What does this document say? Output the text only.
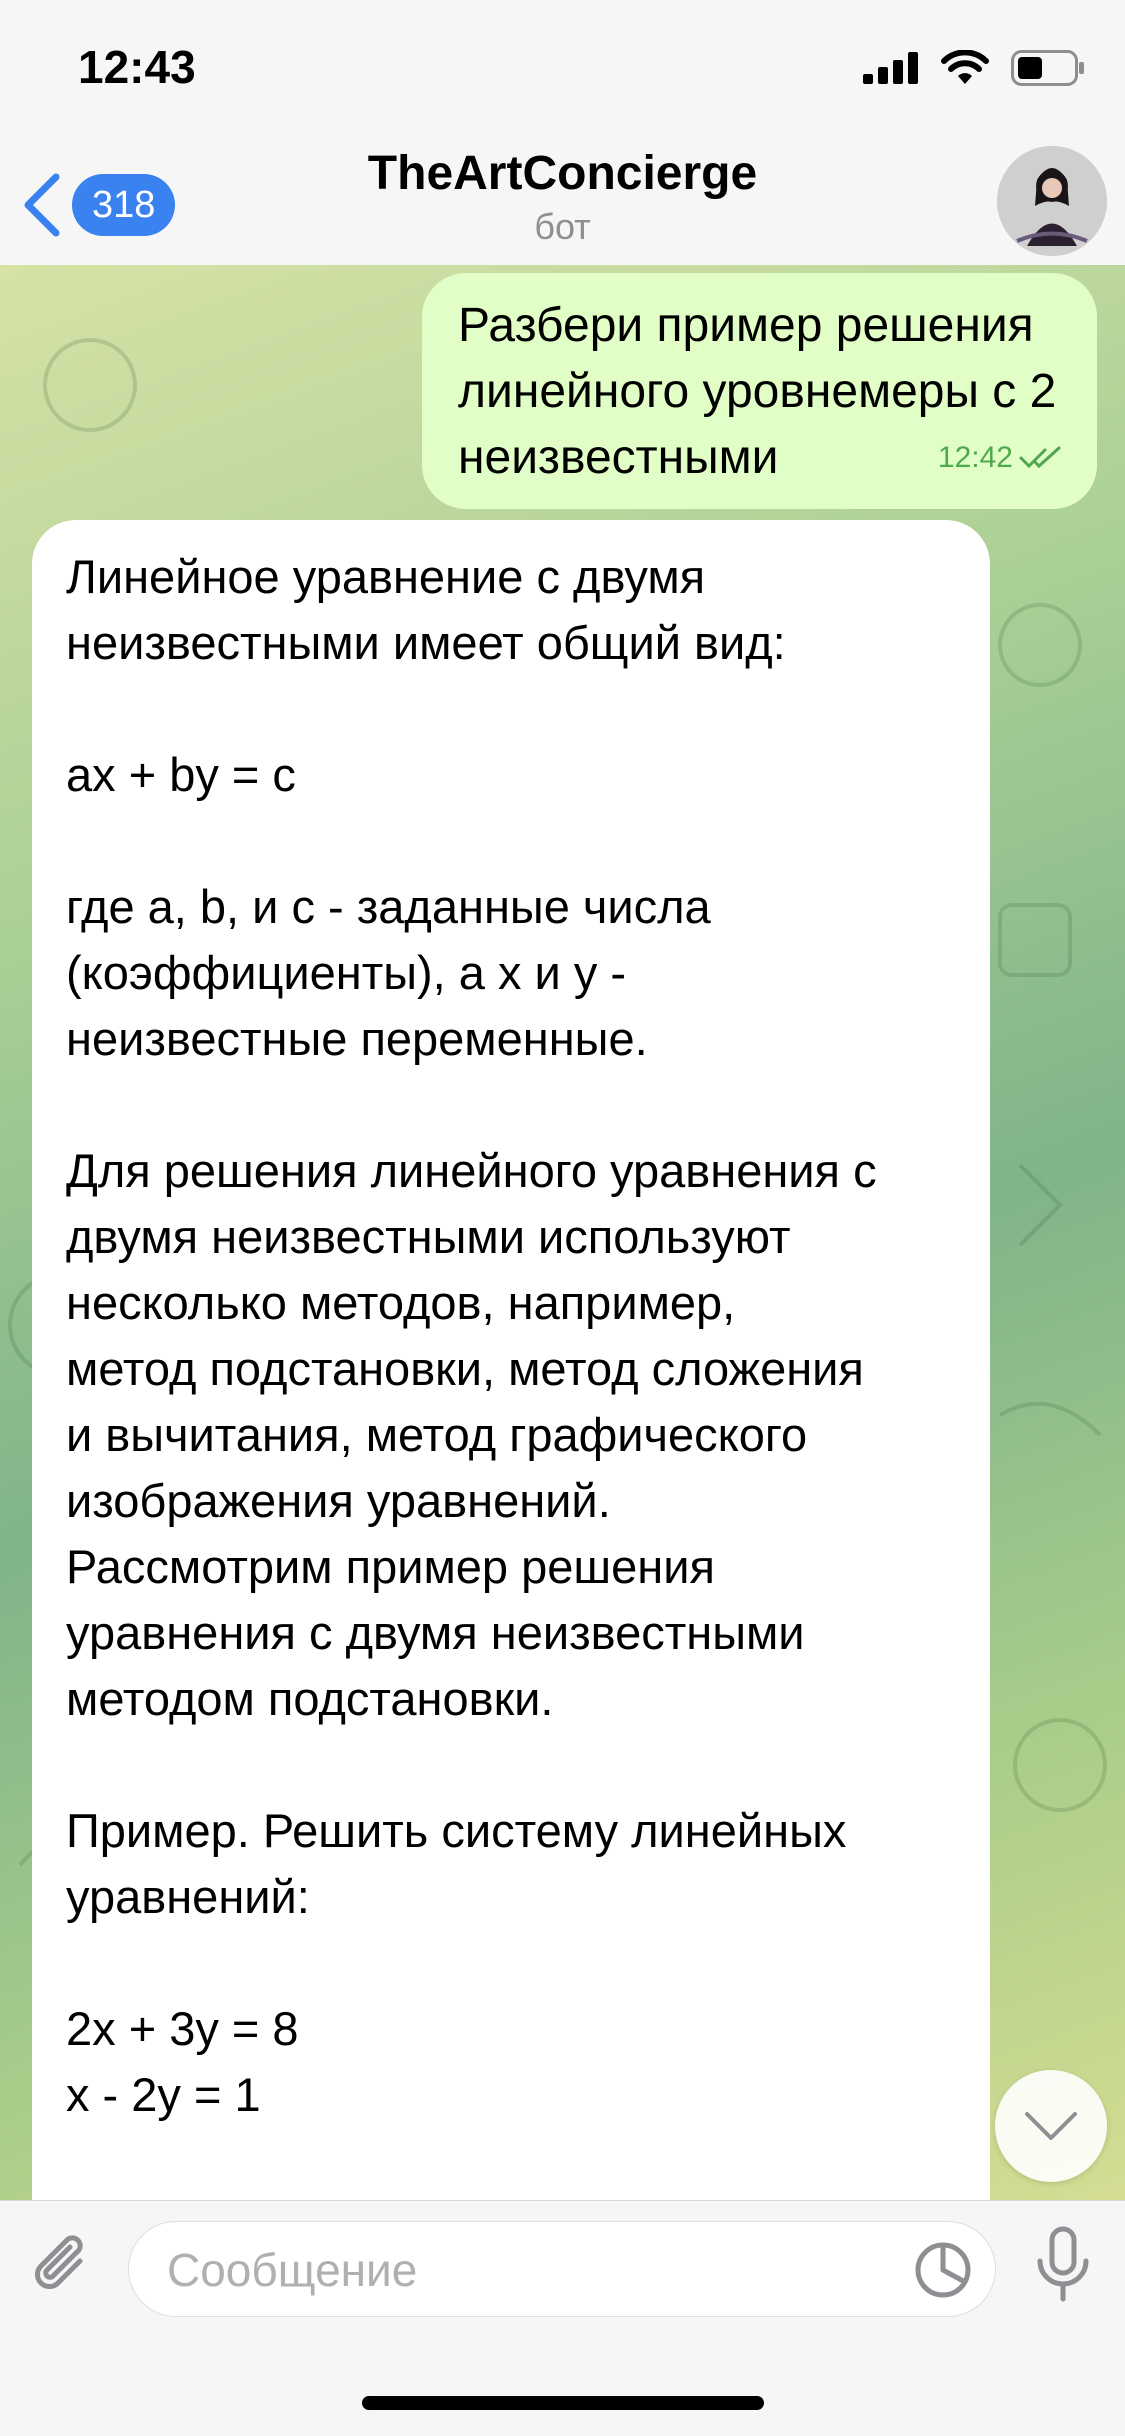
12:43
318
TheArtConcierge
бот
Разбери пример решения линейного уровнемеры с 2 неизвестными	12:42

Линейное уравнение с двумя
неизвестными имеет общий вид:

ax + by = c

где a, b, и c - заданные числа
(коэффициенты), а x и y -
неизвестные переменные.

Для решения линейного уравнения с
двумя неизвестными используют
несколько методов, например,
метод подстановки, метод сложения
и вычитания, метод графического
изображения уравнений.
Рассмотрим пример решения
уравнения с двумя неизвестными
методом подстановки.

Пример. Решить систему линейных
уравнений:

2x + 3y = 8
x - 2y = 1

Сообщение
